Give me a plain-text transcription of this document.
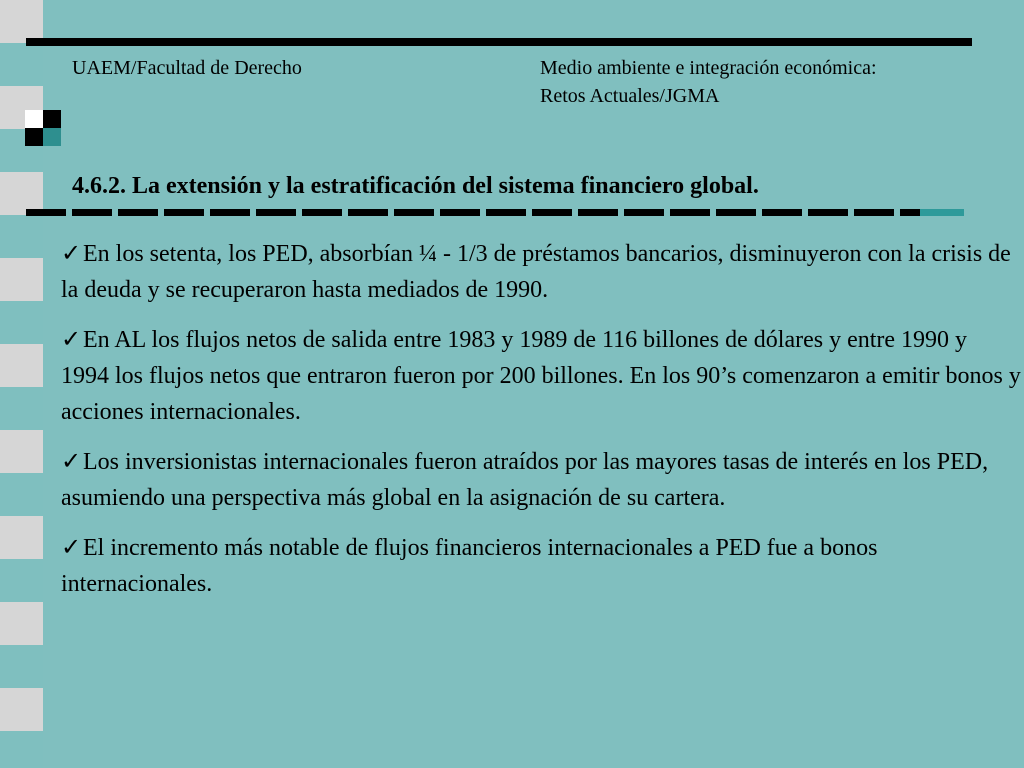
UAEM/Facultad de Derecho	Medio ambiente e integración económica:
Retos Actuales/JGMA
4.6.2. La extensión y la estratificación del sistema financiero global.
✓En los setenta, los PED, absorbían ¼ - 1/3 de préstamos bancarios, disminuyeron con la crisis de la deuda y se recuperaron hasta mediados de 1990.
✓En AL los flujos netos de salida entre 1983 y 1989 de 116 billones de dólares y entre 1990 y 1994 los flujos netos que entraron fueron por 200 billones. En los 90’s comenzaron a emitir bonos y acciones internacionales.
✓Los inversionistas internacionales fueron atraídos por las mayores tasas de interés en los PED, asumiendo una perspectiva más global en la asignación de su cartera.
✓El incremento más notable de flujos financieros internacionales a PED fue a bonos internacionales.
